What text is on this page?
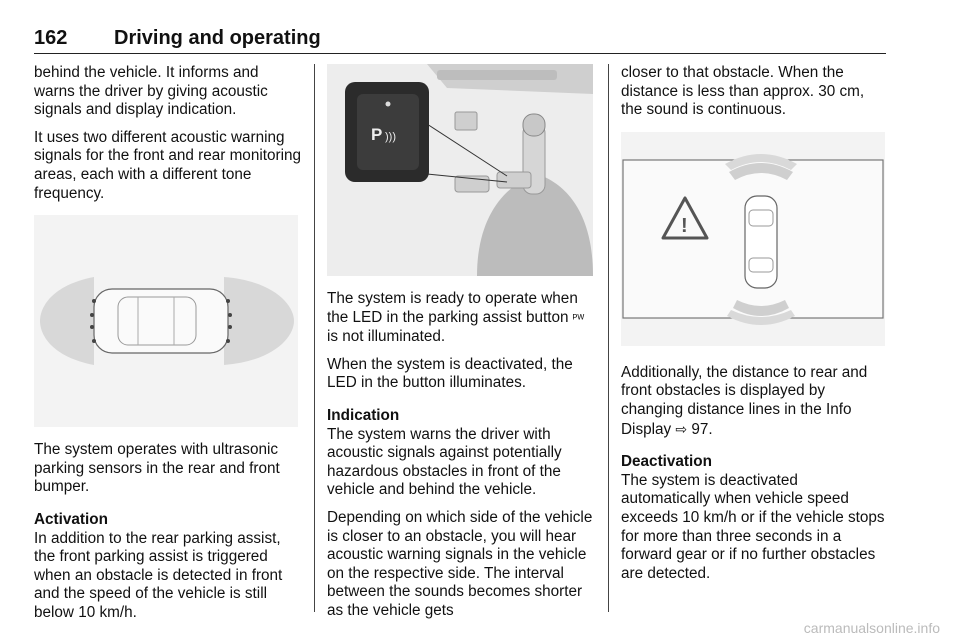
162 Driving and operating

behind the vehicle. It informs and warns the driver by giving acoustic signals and display indication.

It uses two different acoustic warning signals for the front and rear monitoring areas, each with a different tone frequency.

The system operates with ultrasonic parking sensors in the rear and front bumper.

Activation

In addition to the rear parking assist, the front parking assist is triggered when an obstacle is detected in front and the speed of the vehicle is still below 10 km/h.

P )))

The system is ready to operate when the LED in the parking assist button ᴾᵂ is not illuminated.

When the system is deactivated, the LED in the button illuminates.

Indication

The system warns the driver with acoustic signals against potentially hazardous obstacles in front of the vehicle and behind the vehicle.

Depending on which side of the vehicle is closer to an obstacle, you will hear acoustic warning signals in the vehicle on the respective side. The interval between the sounds becomes shorter as the vehicle gets

closer to that obstacle. When the distance is less than approx. 30 cm, the sound is continuous.

!

Additionally, the distance to rear and front obstacles is displayed by changing distance lines in the Info Display ⇨ 97.

Deactivation

The system is deactivated automatically when vehicle speed exceeds 10 km/h or if the vehicle stops for more than three seconds in a forward gear or if no further obstacles are detected.

carmanualsonline.info
